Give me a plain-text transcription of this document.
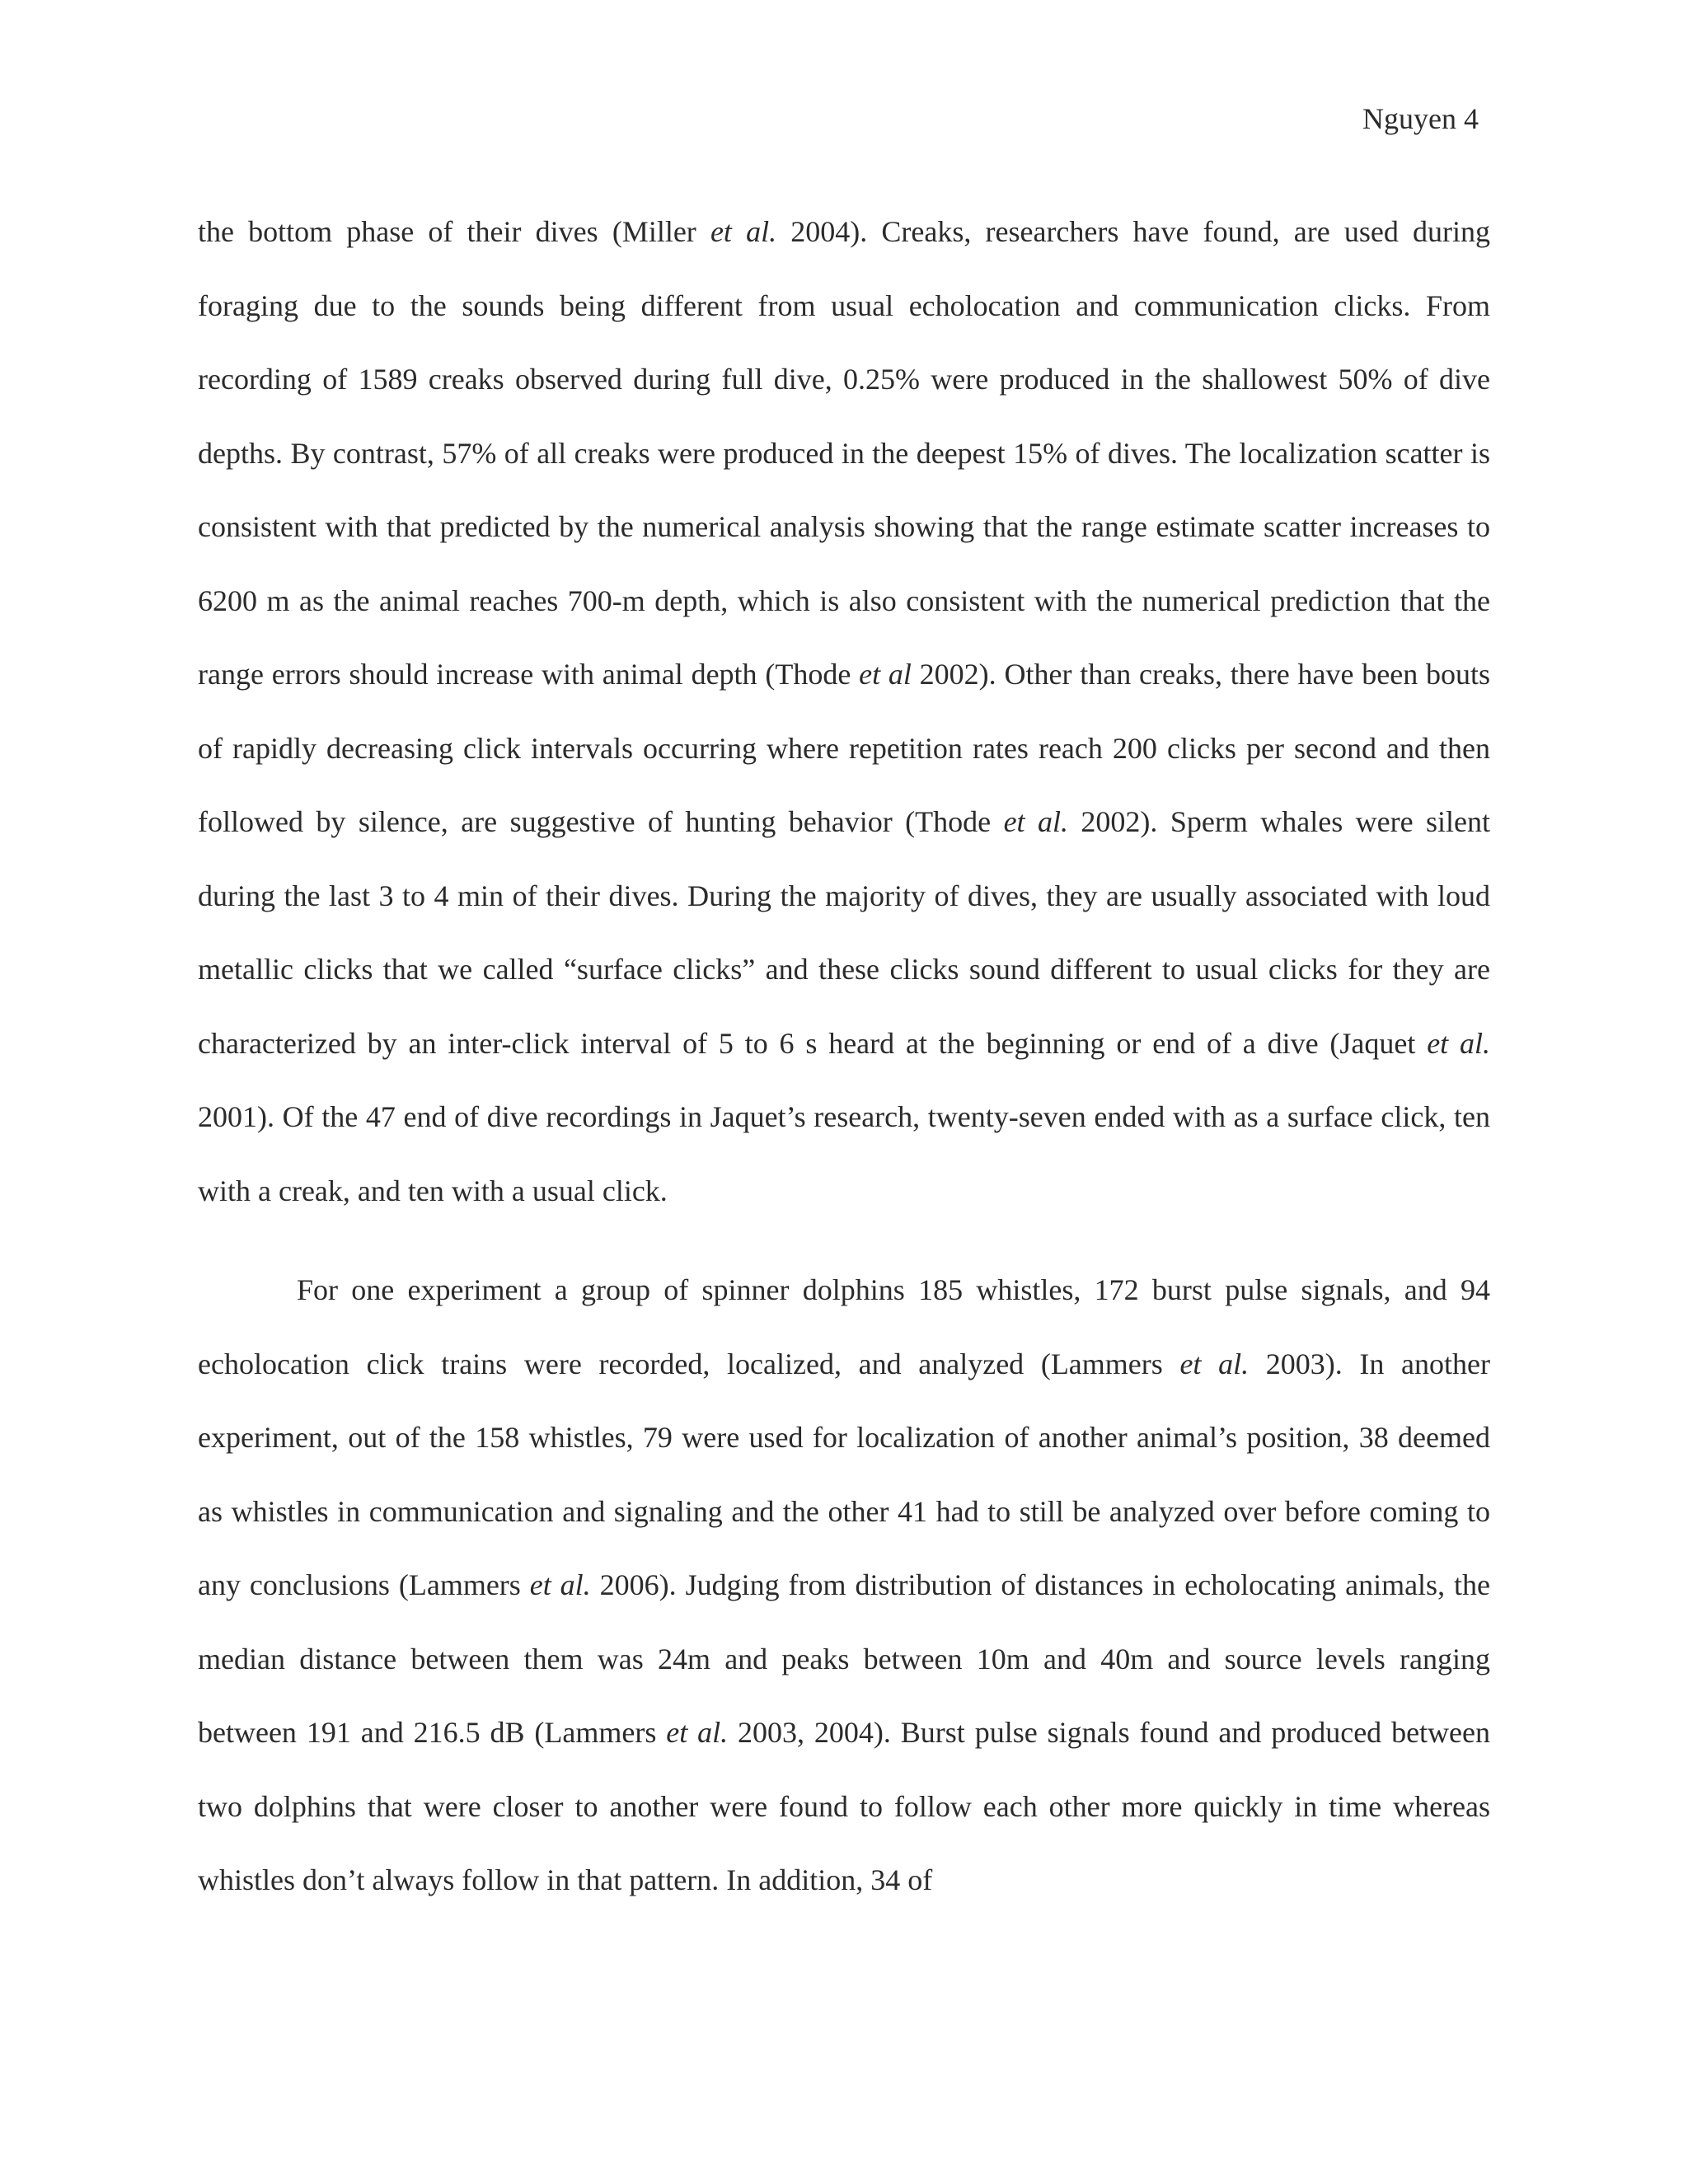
Nguyen 4

the bottom phase of their dives (Miller et al. 2004). Creaks, researchers have found, are used during foraging due to the sounds being different from usual echolocation and communication clicks. From recording of 1589 creaks observed during full dive, 0.25% were produced in the shallowest 50% of dive depths. By contrast, 57% of all creaks were produced in the deepest 15% of dives. The localization scatter is consistent with that predicted by the numerical analysis showing that the range estimate scatter increases to 6200 m as the animal reaches 700-m depth, which is also consistent with the numerical prediction that the range errors should increase with animal depth (Thode et al 2002). Other than creaks, there have been bouts of rapidly decreasing click intervals occurring where repetition rates reach 200 clicks per second and then followed by silence, are suggestive of hunting behavior (Thode et al. 2002). Sperm whales were silent during the last 3 to 4 min of their dives. During the majority of dives, they are usually associated with loud metallic clicks that we called “surface clicks” and these clicks sound different to usual clicks for they are characterized by an inter-click interval of 5 to 6 s heard at the beginning or end of a dive (Jaquet et al. 2001). Of the 47 end of dive recordings in Jaquet’s research, twenty-seven ended with as a surface click, ten with a creak, and ten with a usual click.

For one experiment a group of spinner dolphins 185 whistles, 172 burst pulse signals, and 94 echolocation click trains were recorded, localized, and analyzed (Lammers et al. 2003). In another experiment, out of the 158 whistles, 79 were used for localization of another animal’s position, 38 deemed as whistles in communication and signaling and the other 41 had to still be analyzed over before coming to any conclusions (Lammers et al. 2006). Judging from distribution of distances in echolocating animals, the median distance between them was 24m and peaks between 10m and 40m and source levels ranging between 191 and 216.5 dB (Lammers et al. 2003, 2004). Burst pulse signals found and produced between two dolphins that were closer to another were found to follow each other more quickly in time whereas whistles don’t always follow in that pattern. In addition, 34 of
